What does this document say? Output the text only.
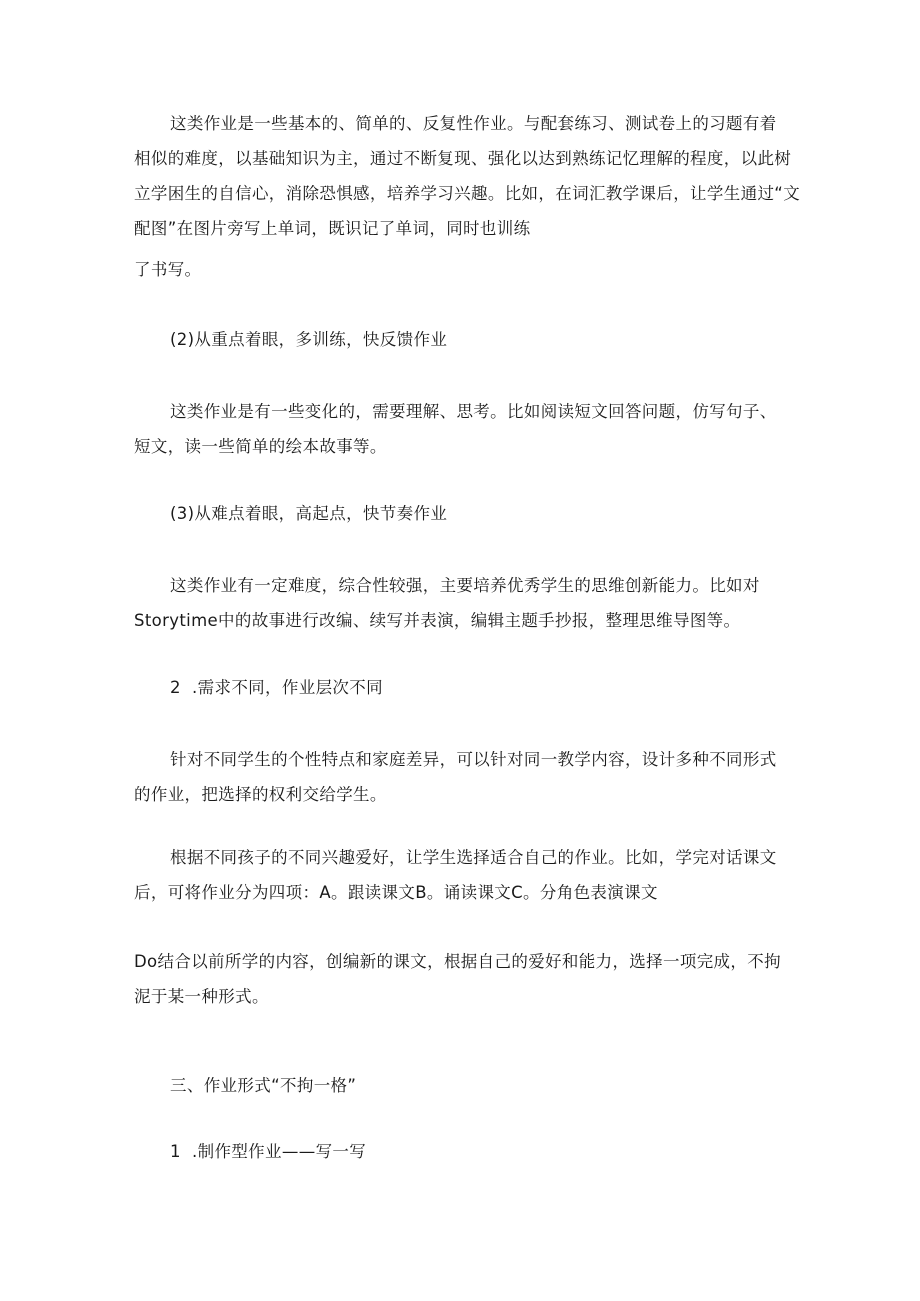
这类作业是一些基本的、简单的、反复性作业。与配套练习、测试卷上的习题有着
相似的难度，以基础知识为主，通过不断复现、强化以达到熟练记忆理解的程度，以此树
立学困生的自信心，消除恐惧感，培养学习兴趣。比如，在词汇教学课后，让学生通过“文
配图”在图片旁写上单词，既识记了单词，同时也训练
了书写。
(2)从重点着眼，多训练，快反馈作业
这类作业是有一些变化的，需要理解、思考。比如阅读短文回答问题，仿写句子、
短文，读一些简单的绘本故事等。
(3)从难点着眼，高起点，快节奏作业
这类作业有一定难度，综合性较强，主要培养优秀学生的思维创新能力。比如对
Storytime中的故事进行改编、续写并表演，编辑主题手抄报，整理思维导图等。
2  .需求不同，作业层次不同
针对不同学生的个性特点和家庭差异，可以针对同一教学内容，设计多种不同形式
的作业，把选择的权利交给学生。
根据不同孩子的不同兴趣爱好，让学生选择适合自己的作业。比如，学完对话课文
后，可将作业分为四项：A。跟读课文B。诵读课文C。分角色表演课文
Do结合以前所学的内容，创编新的课文，根据自己的爱好和能力，选择一项完成，不拘
泥于某一种形式。
三、作业形式“不拘一格”
1  .制作型作业——写一写
